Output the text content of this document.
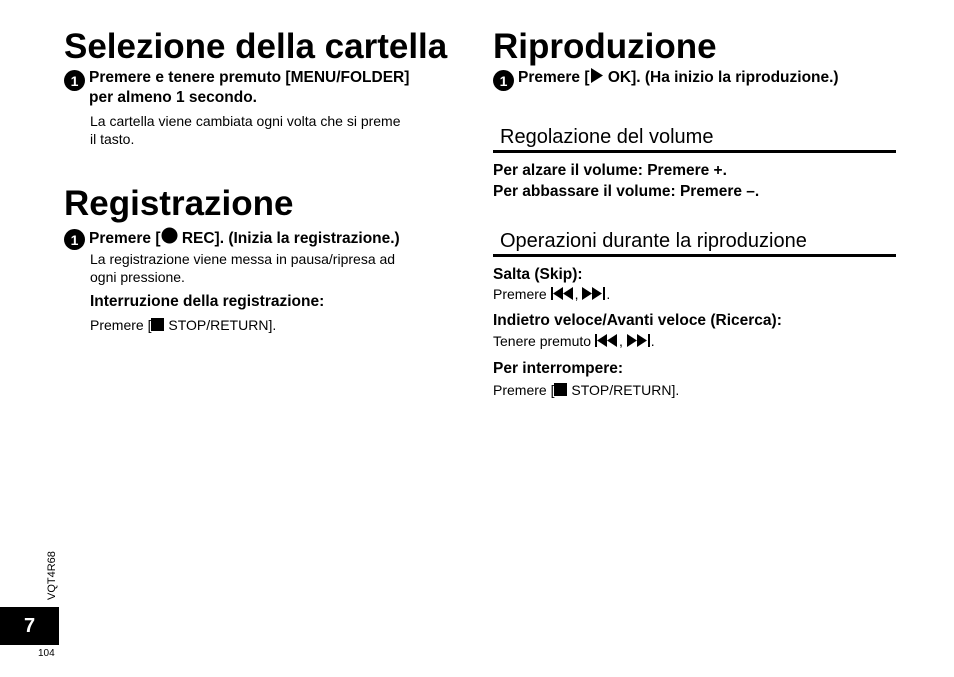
Selezione della cartella
1 Premere e tenere premuto [MENU/FOLDER]
per almeno 1 secondo.
La cartella viene cambiata ogni volta che si preme
il tasto.
Registrazione
1 Premere [ REC]. (Inizia la registrazione.)
La registrazione viene messa in pausa/ripresa ad
ogni pressione.
Interruzione della registrazione:
Premere [ STOP/RETURN].
Riproduzione
1 Premere [ OK]. (Ha inizio la riproduzione.)
Regolazione del volume
Per alzare il volume: Premere +.
Per abbassare il volume: Premere –.
Operazioni durante la riproduzione
Salta (Skip):
Premere , .
Indietro veloce/Avanti veloce (Ricerca):
Tenere premuto , .
Per interrompere:
Premere [ STOP/RETURN].
VQT4R68
7
104
